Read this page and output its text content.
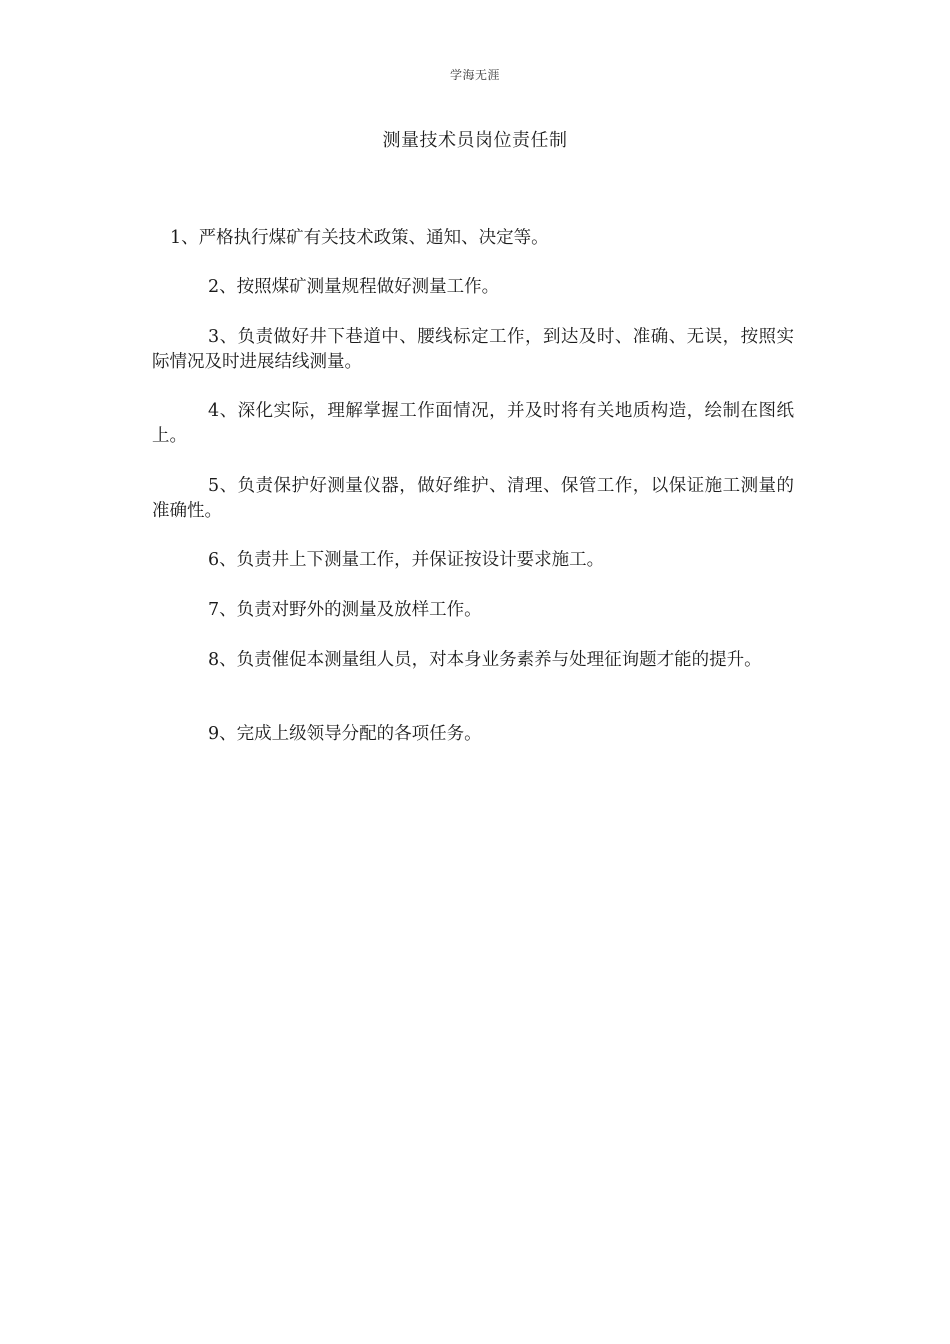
学海无涯
测量技术员岗位责任制

1、严格执行煤矿有关技术政策、通知、决定等。

2、按照煤矿测量规程做好测量工作。

3、负责做好井下巷道中、腰线标定工作，到达及时、准确、无误，按照实际情况及时进展结线测量。

4、深化实际，理解掌握工作面情况，并及时将有关地质构造，绘制在图纸上。

5、负责保护好测量仪器，做好维护、清理、保管工作，以保证施工测量的准确性。

6、负责井上下测量工作，并保证按设计要求施工。

7、负责对野外的测量及放样工作。

8、负责催促本测量组人员，对本身业务素养与处理征询题才能的提升。

9、完成上级领导分配的各项任务。
